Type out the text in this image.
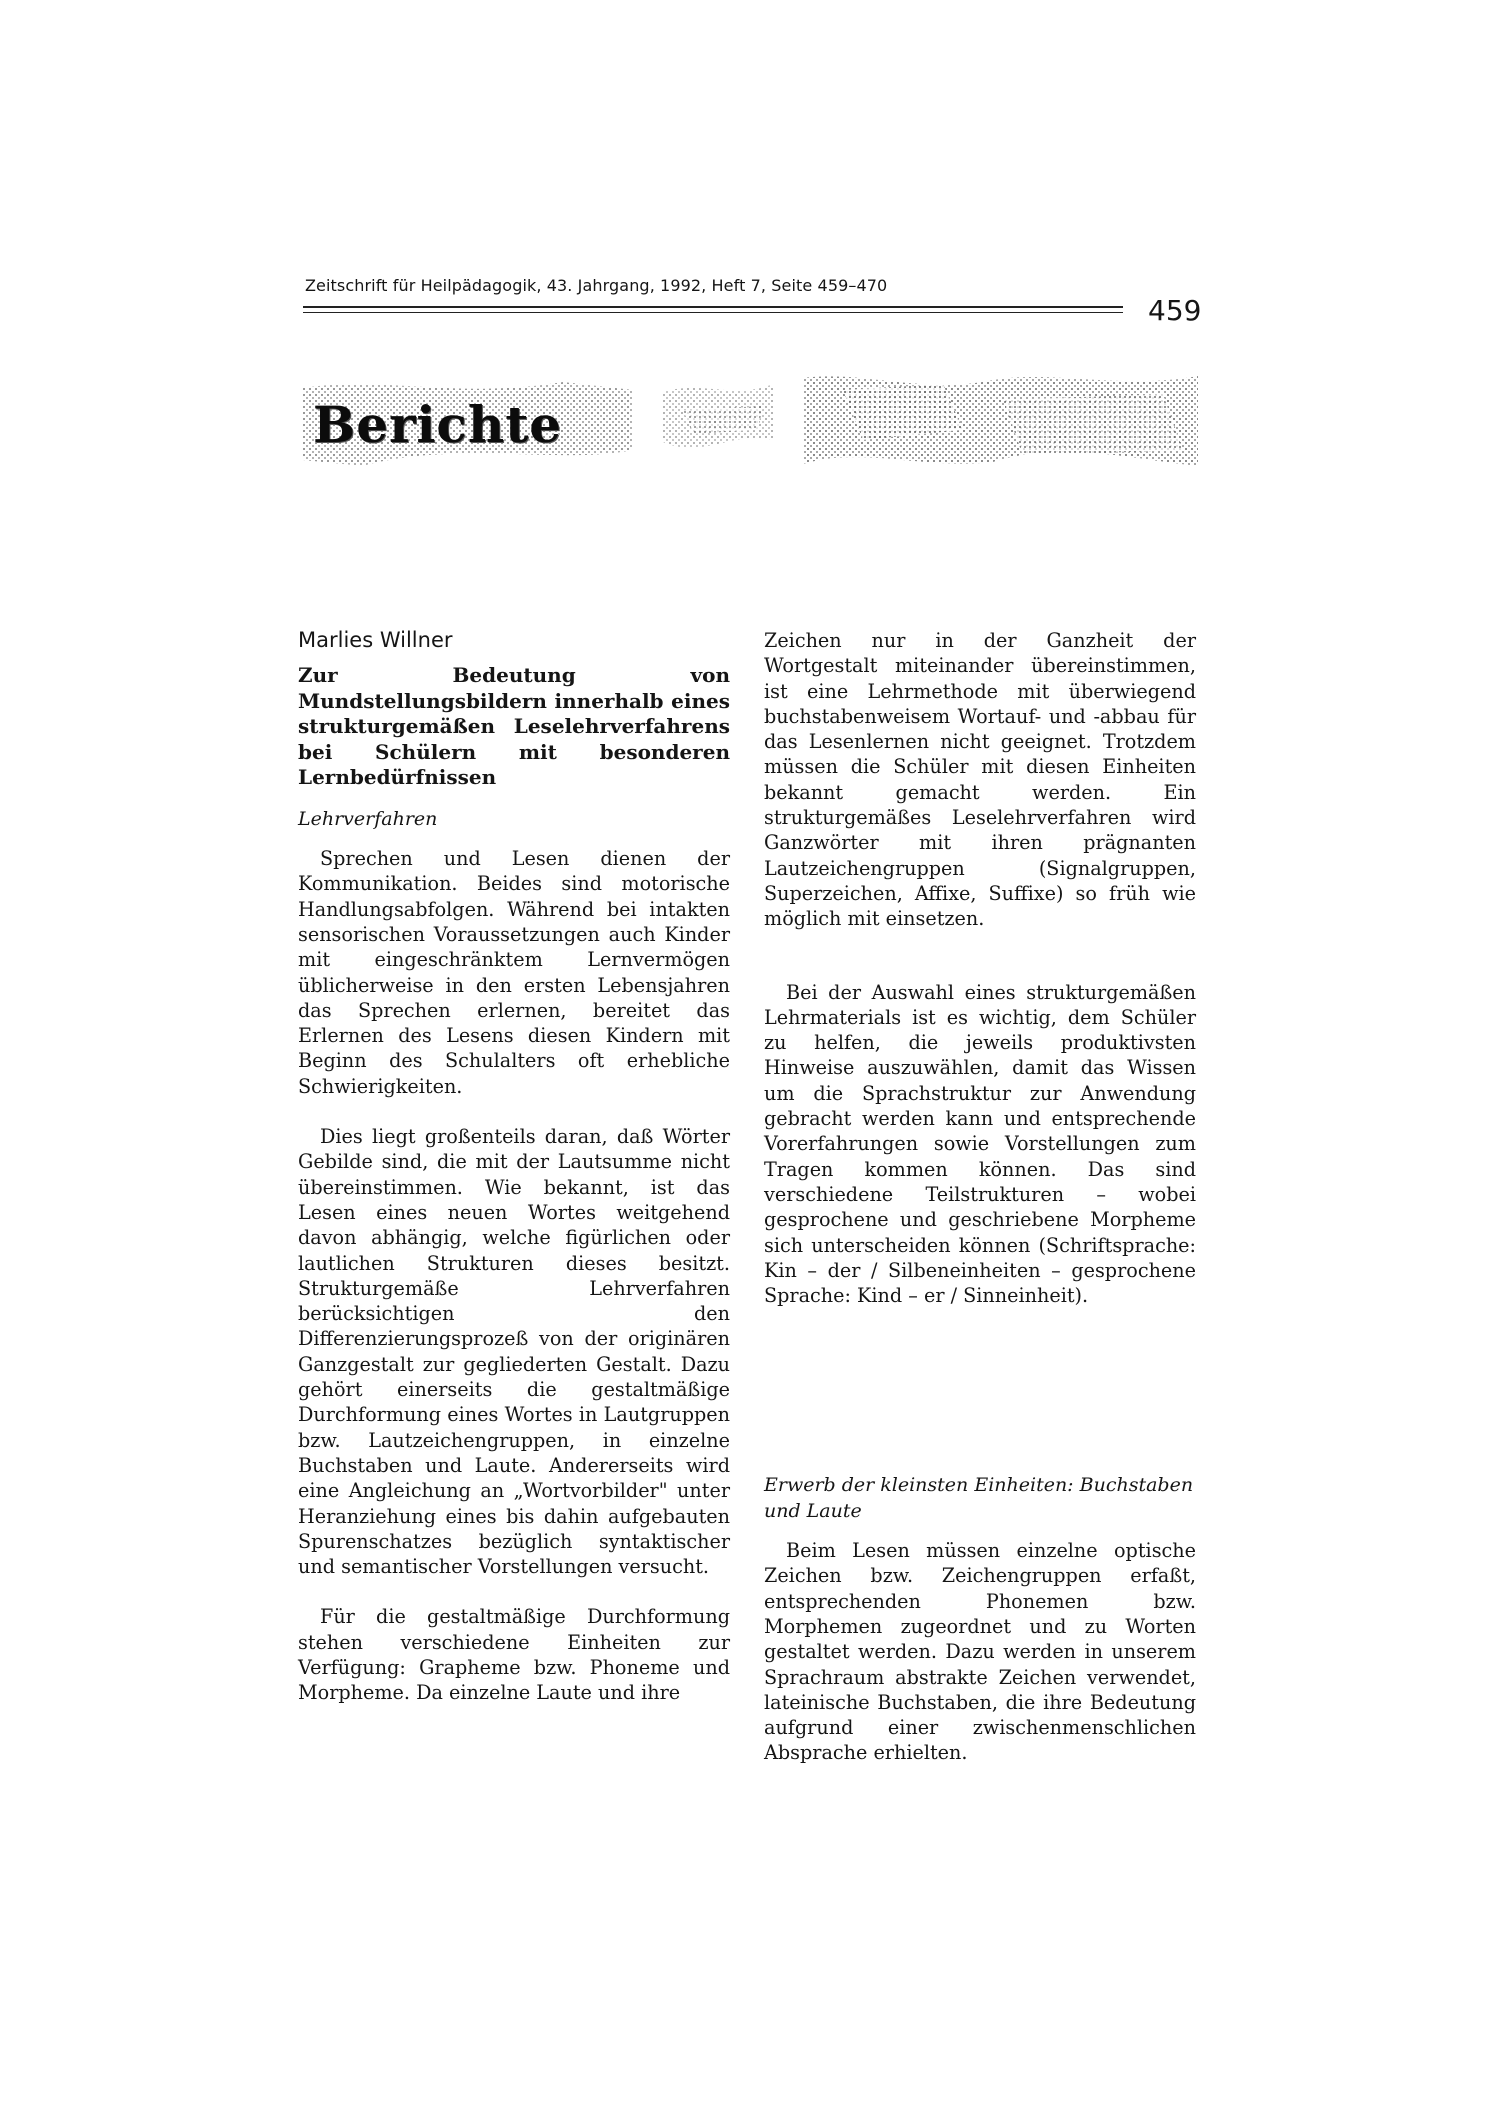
Zeitschrift für Heilpädagogik, 43. Jahrgang, 1992, Heft 7, Seite 459–470
459
Berichte
Marlies Willner
Zur Bedeutung von Mundstellungsbildern innerhalb eines strukturgemäßen Leselehrverfahrens bei Schülern mit besonderen Lernbedürfnissen
Lehrverfahren

Sprechen und Lesen dienen der Kommunikation. Beides sind motorische Handlungsabfolgen. Während bei intakten sensorischen Voraussetzungen auch Kinder mit eingeschränktem Lernvermögen üblicherweise in den ersten Lebensjahren das Sprechen erlernen, bereitet das Erlernen des Lesens diesen Kindern mit Beginn des Schulalters oft erhebliche Schwierigkeiten.

Dies liegt großenteils daran, daß Wörter Gebilde sind, die mit der Lautsumme nicht übereinstimmen. Wie bekannt, ist das Lesen eines neuen Wortes weitgehend davon abhängig, welche figürlichen oder lautlichen Strukturen dieses besitzt. Strukturgemäße Lehrverfahren berücksichtigen den Differenzierungsprozeß von der originären Ganzgestalt zur gegliederten Gestalt. Dazu gehört einerseits die gestaltmäßige Durchformung eines Wortes in Lautgruppen bzw. Lautzeichengruppen, in einzelne Buchstaben und Laute. Andererseits wird eine Angleichung an „Wortvorbilder" unter Heranziehung eines bis dahin aufgebauten Spurenschatzes bezüglich syntaktischer und semantischer Vorstellungen versucht.

Für die gestaltmäßige Durchformung stehen verschiedene Einheiten zur Verfügung: Grapheme bzw. Phoneme und Morpheme. Da einzelne Laute und ihre

Zeichen nur in der Ganzheit der Wortgestalt miteinander übereinstimmen, ist eine Lehrmethode mit überwiegend buchstabenweisem Wortauf- und -abbau für das Lesenlernen nicht geeignet. Trotzdem müssen die Schüler mit diesen Einheiten bekannt gemacht werden. Ein strukturgemäßes Leselehrverfahren wird Ganzwörter mit ihren prägnanten Lautzeichengruppen (Signalgruppen, Superzeichen, Affixe, Suffixe) so früh wie möglich mit einsetzen.

Bei der Auswahl eines strukturgemäßen Lehrmaterials ist es wichtig, dem Schüler zu helfen, die jeweils produktivsten Hinweise auszuwählen, damit das Wissen um die Sprachstruktur zur Anwendung gebracht werden kann und entsprechende Vorerfahrungen sowie Vorstellungen zum Tragen kommen können. Das sind verschiedene Teilstrukturen – wobei gesprochene und geschriebene Morpheme sich unterscheiden können (Schriftsprache: Kin – der / Silbeneinheiten – gesprochene Sprache: Kind – er / Sinneinheit).

Erwerb der kleinsten Einheiten: Buchstaben und Laute

Beim Lesen müssen einzelne optische Zeichen bzw. Zeichengruppen erfaßt, entsprechenden Phonemen bzw. Morphemen zugeordnet und zu Worten gestaltet werden. Dazu werden in unserem Sprachraum abstrakte Zeichen verwendet, lateinische Buchstaben, die ihre Bedeutung aufgrund einer zwischenmenschlichen Absprache erhielten.
